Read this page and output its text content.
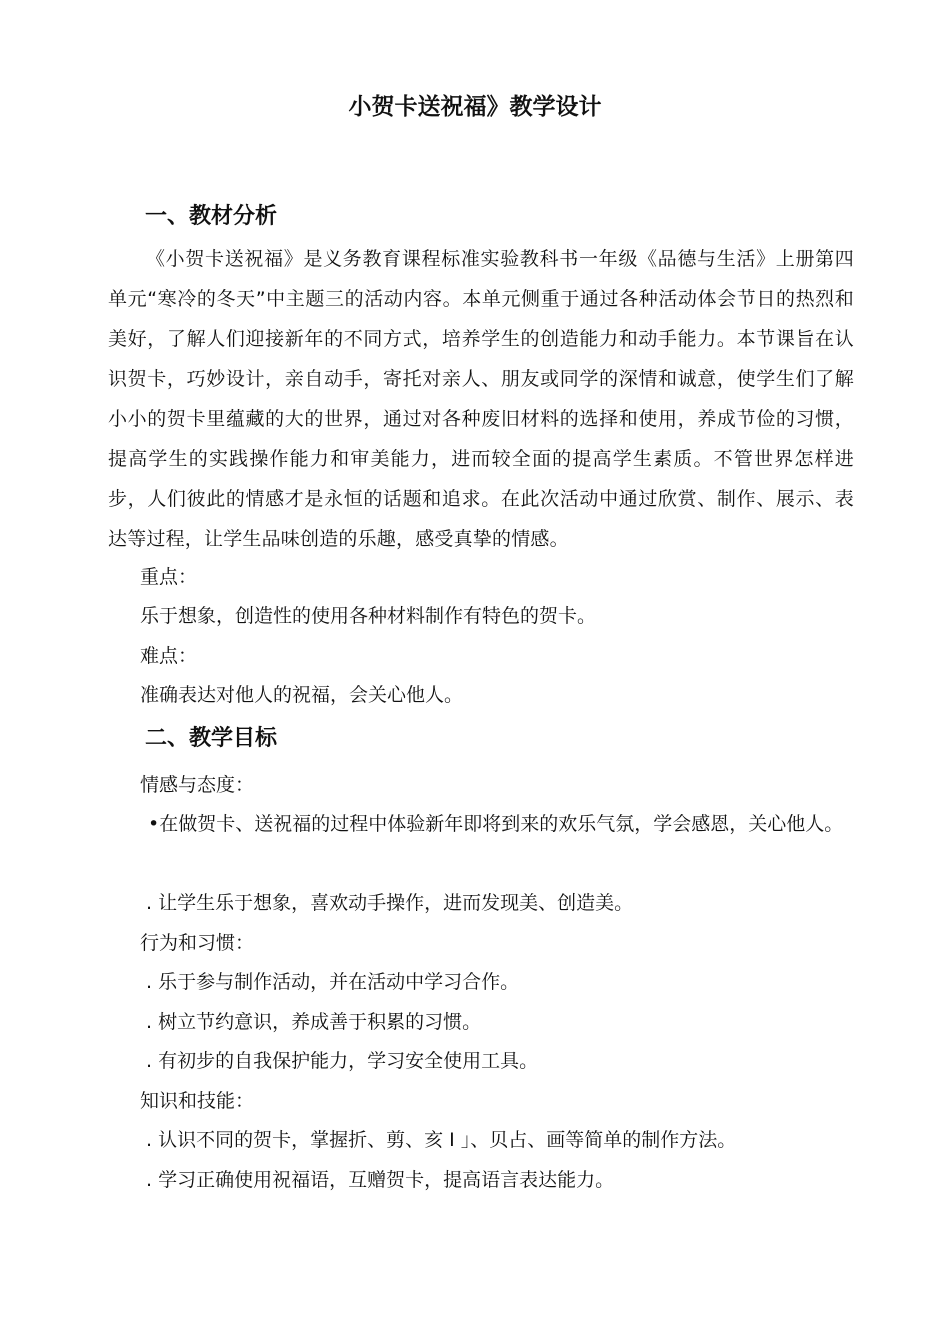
小贺卡送祝福》教学设计
一、教材分析
《小贺卡送祝福》是义务教育课程标准实验教科书一年级《品德与生活》上册第四单元“寒冷的冬天”中主题三的活动内容。本单元侧重于通过各种活动体会节日的热烈和美好，了解人们迎接新年的不同方式，培养学生的创造能力和动手能力。本节课旨在认识贺卡，巧妙设计，亲自动手，寄托对亲人、朋友或同学的深情和诚意，使学生们了解小小的贺卡里蕴藏的大的世界，通过对各种废旧材料的选择和使用，养成节俭的习惯，提高学生的实践操作能力和审美能力，进而较全面的提高学生素质。不管世界怎样进步，人们彼此的情感才是永恒的话题和追求。在此次活动中通过欣赏、制作、展示、表达等过程，让学生品味创造的乐趣，感受真挚的情感。
重点：
乐于想象，创造性的使用各种材料制作有特色的贺卡。
难点：
准确表达对他人的祝福，会关心他人。
二、教学目标
情感与态度：
•在做贺卡、送祝福的过程中体验新年即将到来的欢乐气氛，学会感恩，关心他人。
. 让学生乐于想象，喜欢动手操作，进而发现美、创造美。
行为和习惯：
. 乐于参与制作活动，并在活动中学习合作。
. 树立节约意识，养成善于积累的习惯。
. 有初步的自我保护能力，学习安全使用工具。
知识和技能：
. 认识不同的贺卡，掌握折、剪、亥 I 」、贝占、画等简单的制作方法。
. 学习正确使用祝福语，互赠贺卡，提高语言表达能力。
